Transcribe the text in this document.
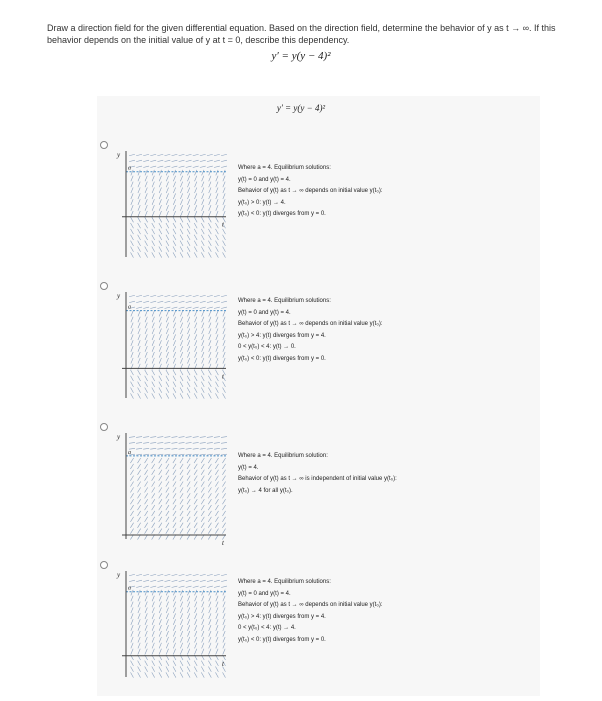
Draw a direction field for the given differential equation. Based on the direction field, determine the behavior of y as t → ∞. If this behavior depends on the initial value of y at t = 0, describe this dependency.
y′ = y(y − 4)²
y′ = y(y − 4)²
y
a
t
Where a = 4. Equilibrium solutions:
y(t) = 0 and y(t) = 4.
Behavior of y(t) as t → ∞ depends on initial value y(t₀):
y(t₀) > 0: y(t) → 4.
y(t₀) < 0: y(t) diverges from y = 0.
y
a
t
Where a = 4. Equilibrium solutions:
y(t) = 0 and y(t) = 4.
Behavior of y(t) as t → ∞ depends on initial value y(t₀):
y(t₀) > 4: y(t) diverges from y = 4.
0 < y(t₀) < 4: y(t) → 0.
y(t₀) < 0: y(t) diverges from y = 0.
y
a
t
Where a = 4. Equilibrium solution:
y(t) = 4.
Behavior of y(t) as t → ∞ is independent of initial value y(t₀):
y(t₀) → 4 for all y(t₀).
y
a
t
Where a = 4. Equilibrium solutions:
y(t) = 0 and y(t) = 4.
Behavior of y(t) as t → ∞ depends on initial value y(t₀):
y(t₀) > 4: y(t) diverges from y = 4.
0 < y(t₀) < 4: y(t) → 4.
y(t₀) < 0: y(t) diverges from y = 0.
